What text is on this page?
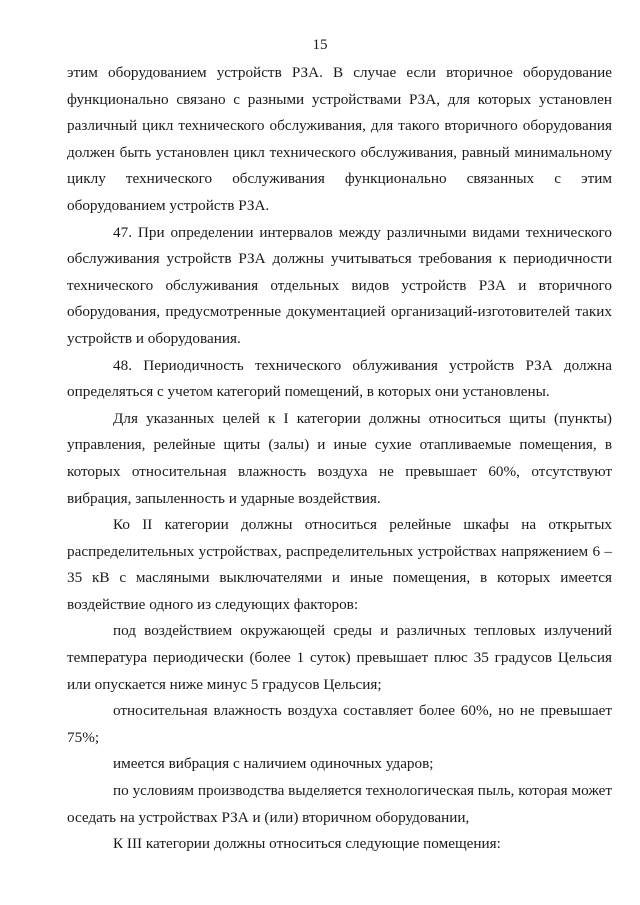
15

этим оборудованием устройств РЗА. В случае если вторичное оборудование функционально связано с разными устройствами РЗА, для которых установлен различный цикл технического обслуживания, для такого вторичного оборудования должен быть установлен цикл технического обслуживания, равный минимальному циклу технического обслуживания функционально связанных с этим оборудованием устройств РЗА.

47. При определении интервалов между различными видами технического обслуживания устройств РЗА должны учитываться требования к периодичности технического обслуживания отдельных видов устройств РЗА и вторичного оборудования, предусмотренные документацией организаций-изготовителей таких устройств и оборудования.

48. Периодичность технического облуживания устройств РЗА должна определяться с учетом категорий помещений, в которых они установлены.

Для указанных целей к I категории должны относиться щиты (пункты) управления, релейные щиты (залы) и иные сухие отапливаемые помещения, в которых относительная влажность воздуха не превышает 60%, отсутствуют вибрация, запыленность и ударные воздействия.

Ко II категории должны относиться релейные шкафы на открытых распределительных устройствах, распределительных устройствах напряжением 6 – 35 кВ с масляными выключателями и иные помещения, в которых имеется воздействие одного из следующих факторов:

под воздействием окружающей среды и различных тепловых излучений температура периодически (более 1 суток) превышает плюс 35 градусов Цельсия или опускается ниже минус 5 градусов Цельсия;

относительная влажность воздуха составляет более 60%, но не превышает 75%;

имеется вибрация с наличием одиночных ударов;

по условиям производства выделяется технологическая пыль, которая может оседать на устройствах РЗА и (или) вторичном оборудовании,

К III категории должны относиться следующие помещения:
